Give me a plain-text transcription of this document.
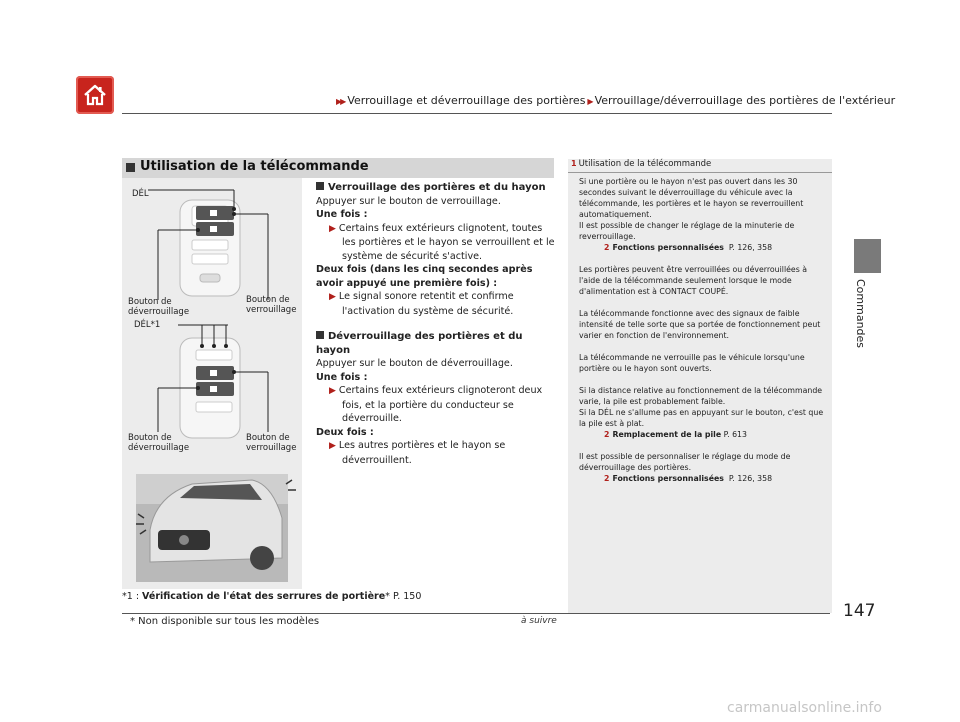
▶▶ Verrouillage et déverrouillage des portières ▶ Verrouillage/déverrouillage des portières de l'extérieur
Commandes
Utilisation de la télécommande
DÉL
Bouton de déverrouillage
Bouton de verrouillage
DÉL*1
Bouton de déverrouillage
Bouton de verrouillage
Verrouillage des portières et du hayon
Appuyer sur le bouton de verrouillage.
Une fois :
▶ Certains feux extérieurs clignotent, toutes les portières et le hayon se verrouillent et le système de sécurité s'active.
Deux fois (dans les cinq secondes après avoir appuyé une première fois) :
▶ Le signal sonore retentit et confirme l'activation du système de sécurité.
Déverrouillage des portières et du hayon
Appuyer sur le bouton de déverrouillage.
Une fois :
▶ Certains feux extérieurs clignoteront deux fois, et la portière du conducteur se déverrouille.
Deux fois :
▶ Les autres portières et le hayon se déverrouillent.
*1 : Vérification de l'état des serrures de portière* P. 150
1 Utilisation de la télécommande

Si une portière ou le hayon n'est pas ouvert dans les 30 secondes suivant le déverrouillage du véhicule avec la télécommande, les portières et le hayon se reverrouillent automatiquement.

Il est possible de changer le réglage de la minuterie de reverrouillage.

2 Fonctions personnalisées P. 126, 358

Les portières peuvent être verrouillées ou déverrouillées à l'aide de la télécommande seulement lorsque le mode d'alimentation est à CONTACT COUPÉ.

La télécommande fonctionne avec des signaux de faible intensité de telle sorte que sa portée de fonctionnement peut varier en fonction de l'environnement.

La télécommande ne verrouille pas le véhicule lorsqu'une portière ou le hayon sont ouverts.

Si la distance relative au fonctionnement de la télécommande varie, la pile est probablement faible.

Si la DÉL ne s'allume pas en appuyant sur le bouton, c'est que la pile est à plat.

2 Remplacement de la pile P. 613

Il est possible de personnaliser le réglage du mode de déverrouillage des portières.

2 Fonctions personnalisées P. 126, 358

à suivre
* Non disponible sur tous les modèles
147
carmanualsonline.info
